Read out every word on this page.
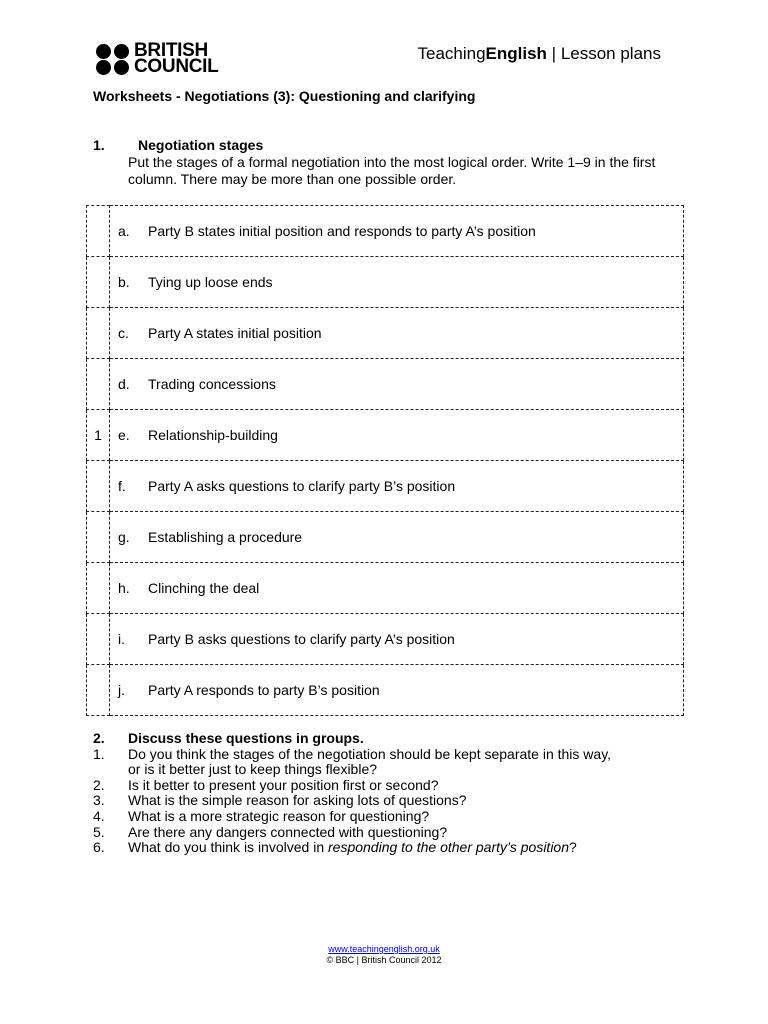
BRITISH
COUNCIL
TeachingEnglish | Lesson plans
Worksheets - Negotiations (3): Questioning and clarifying
1. Negotiation stages
Put the stages of a formal negotiation into the most logical order. Write 1–9 in the first column. There may be more than one possible order.
	a. Party B states initial position and responds to party A’s position
	b. Tying up loose ends
	c. Party A states initial position
	d. Trading concessions
1	e. Relationship-building
	f. Party A asks questions to clarify party B’s position
	g. Establishing a procedure
	h. Clinching the deal
	i. Party B asks questions to clarify party A’s position
	j. Party A responds to party B’s position
2.	Discuss these questions in groups.
1.	Do you think the stages of the negotiation should be kept separate in this way,
or is it better just to keep things flexible?
2.	Is it better to present your position first or second?
3.	What is the simple reason for asking lots of questions?
4.	What is a more strategic reason for questioning?
5.	Are there any dangers connected with questioning?
6.	What do you think is involved in responding to the other party’s position?
www.teachingenglish.org.uk
© BBC | British Council 2012
